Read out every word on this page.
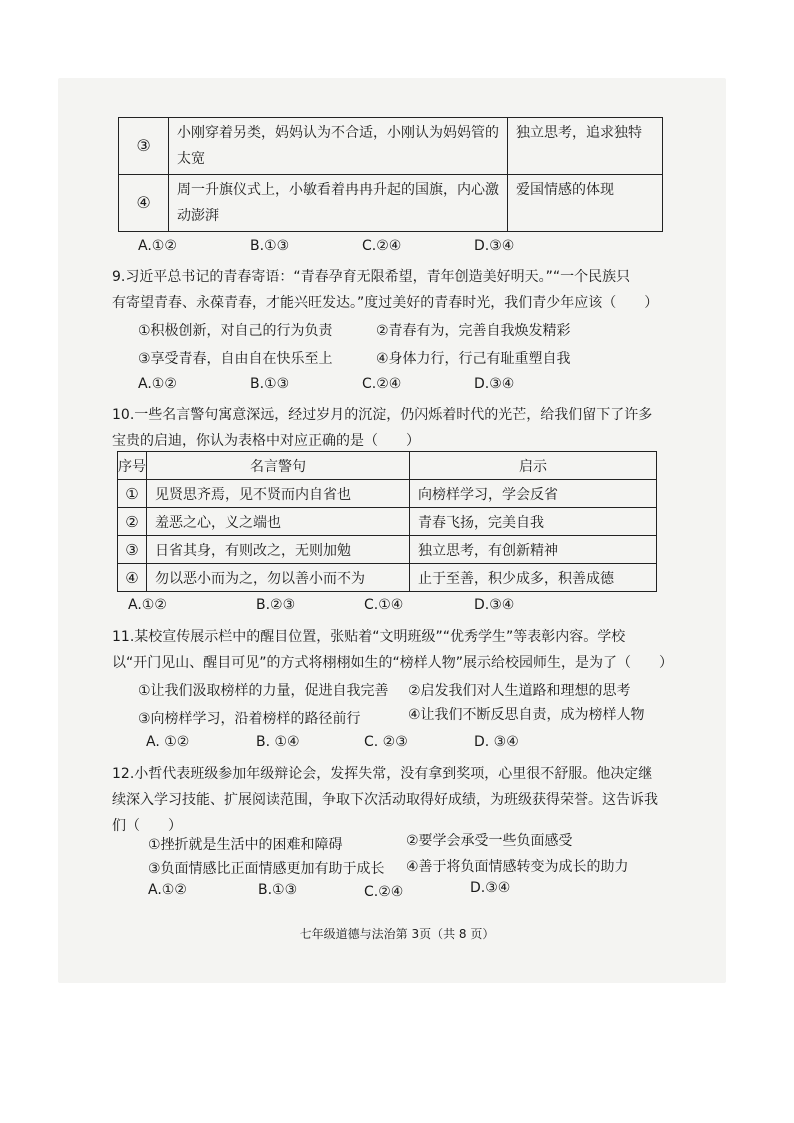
③	小刚穿着另类，妈妈认为不合适，小刚认为妈妈管的太宽	独立思考，追求独特
④	周一升旗仪式上，小敏看着冉冉升起的国旗，内心激动澎湃	爱国情感的体现
A.①②	B.①③	C.②④	D.③④
9.习近平总书记的青春寄语：“青春孕育无限希望，青年创造美好明天。”“一个民族只
有寄望青春、永葆青春，才能兴旺发达。”度过美好的青春时光，我们青少年应该（　　）
①积极创新，对自己的行为负责	②青春有为，完善自我焕发精彩
③享受青春，自由自在快乐至上	④身体力行，行己有耻重塑自我
A.①②	B.①③	C.②④	D.③④
10.一些名言警句寓意深远，经过岁月的沉淀，仍闪烁着时代的光芒，给我们留下了许多
宝贵的启迪，你认为表格中对应正确的是（　　）
序号	名言警句	启示
①	见贤思齐焉，见不贤而内自省也	向榜样学习，学会反省
②	羞恶之心，义之端也	青春飞扬，完美自我
③	日省其身，有则改之，无则加勉	独立思考，有创新精神
④	勿以恶小而为之，勿以善小而不为	止于至善，积少成多，积善成德
A.①②	B.②③	C.①④	D.③④
11.某校宣传展示栏中的醒目位置，张贴着“文明班级”“优秀学生”等表彰内容。学校
以“开门见山、醒目可见”的方式将栩栩如生的“榜样人物”展示给校园师生，是为了（　　）
①让我们汲取榜样的力量，促进自我完善 ②启发我们对人生道路和理想的思考
③向榜样学习，沿着榜样的路径前行	④让我们不断反思自责，成为榜样人物
A. ①②	B. ①④	C. ②③	D. ③④
12.小哲代表班级参加年级辩论会，发挥失常，没有拿到奖项，心里很不舒服。他决定继
续深入学习技能、扩展阅读范围，争取下次活动取得好成绩，为班级获得荣誉。这告诉我
们（　　）
①挫折就是生活中的困难和障碍	②要学会承受一些负面感受
③负面情感比正面情感更加有助于成长 ④善于将负面情感转变为成长的助力
A.①②	B.①③	C.②④	D.③④
七年级道德与法治第 3页（共 8 页）
